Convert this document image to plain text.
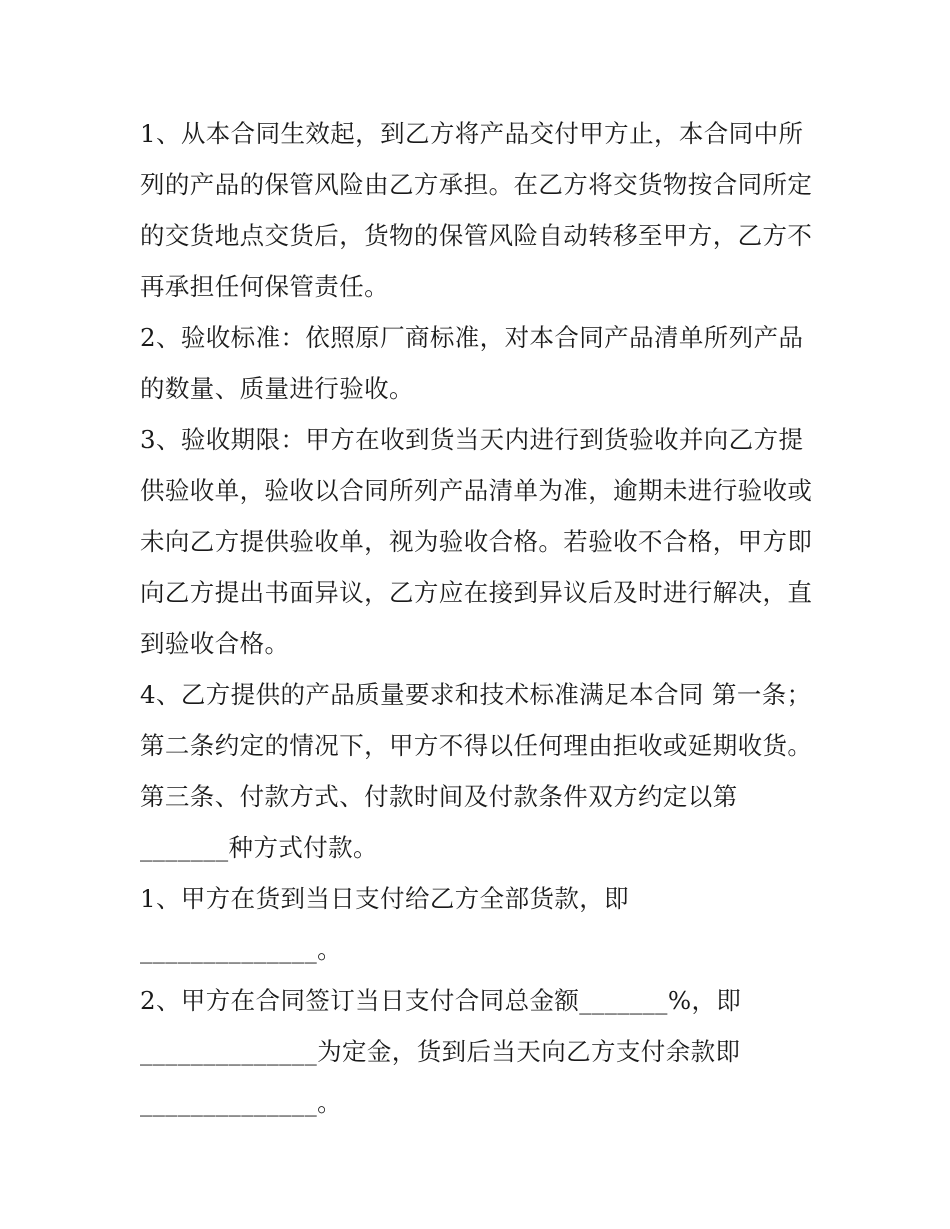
1、从本合同生效起，到乙方将产品交付甲方止，本合同中所
列的产品的保管风险由乙方承担。在乙方将交货物按合同所定
的交货地点交货后，货物的保管风险自动转移至甲方，乙方不
再承担任何保管责任。
2、验收标准：依照原厂商标准，对本合同产品清单所列产品
的数量、质量进行验收。
3、验收期限：甲方在收到货当天内进行到货验收并向乙方提
供验收单，验收以合同所列产品清单为准，逾期未进行验收或
未向乙方提供验收单，视为验收合格。若验收不合格，甲方即
向乙方提出书面异议，乙方应在接到异议后及时进行解决，直
到验收合格。
4、乙方提供的产品质量要求和技术标准满足本合同 第一条；
第二条约定的情况下，甲方不得以任何理由拒收或延期收货。
第三条、付款方式、付款时间及付款条件双方约定以第
_______种方式付款。
1、甲方在货到当日支付给乙方全部货款，即
______________。
2、甲方在合同签订当日支付合同总金额_______%，即
______________为定金，货到后当天向乙方支付余款即
______________。
